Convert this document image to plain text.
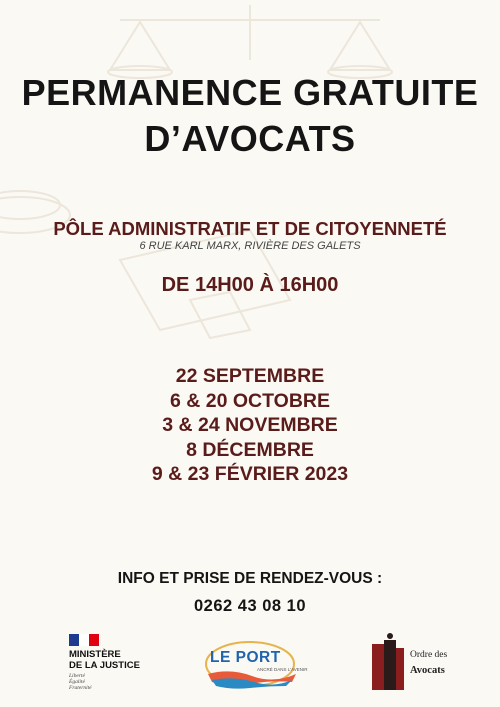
PERMANENCE GRATUITE
D’AVOCATS
PÔLE ADMINISTRATIF ET DE CITOYENNETÉ
6 RUE KARL MARX, RIVIÈRE DES GALETS
DE 14H00 À 16H00
22 SEPTEMBRE
6 & 20 OCTOBRE
3 & 24 NOVEMBRE
8 DÉCEMBRE
9 & 23 FÉVRIER 2023
INFO ET PRISE DE RENDEZ-VOUS :
0262 43 08 10
MINISTÈRE
DE LA JUSTICE
Liberté
Égalité
Fraternité
LE PORT
ANCRÉ DANS L'AVENIR
Ordre des
Avocats
